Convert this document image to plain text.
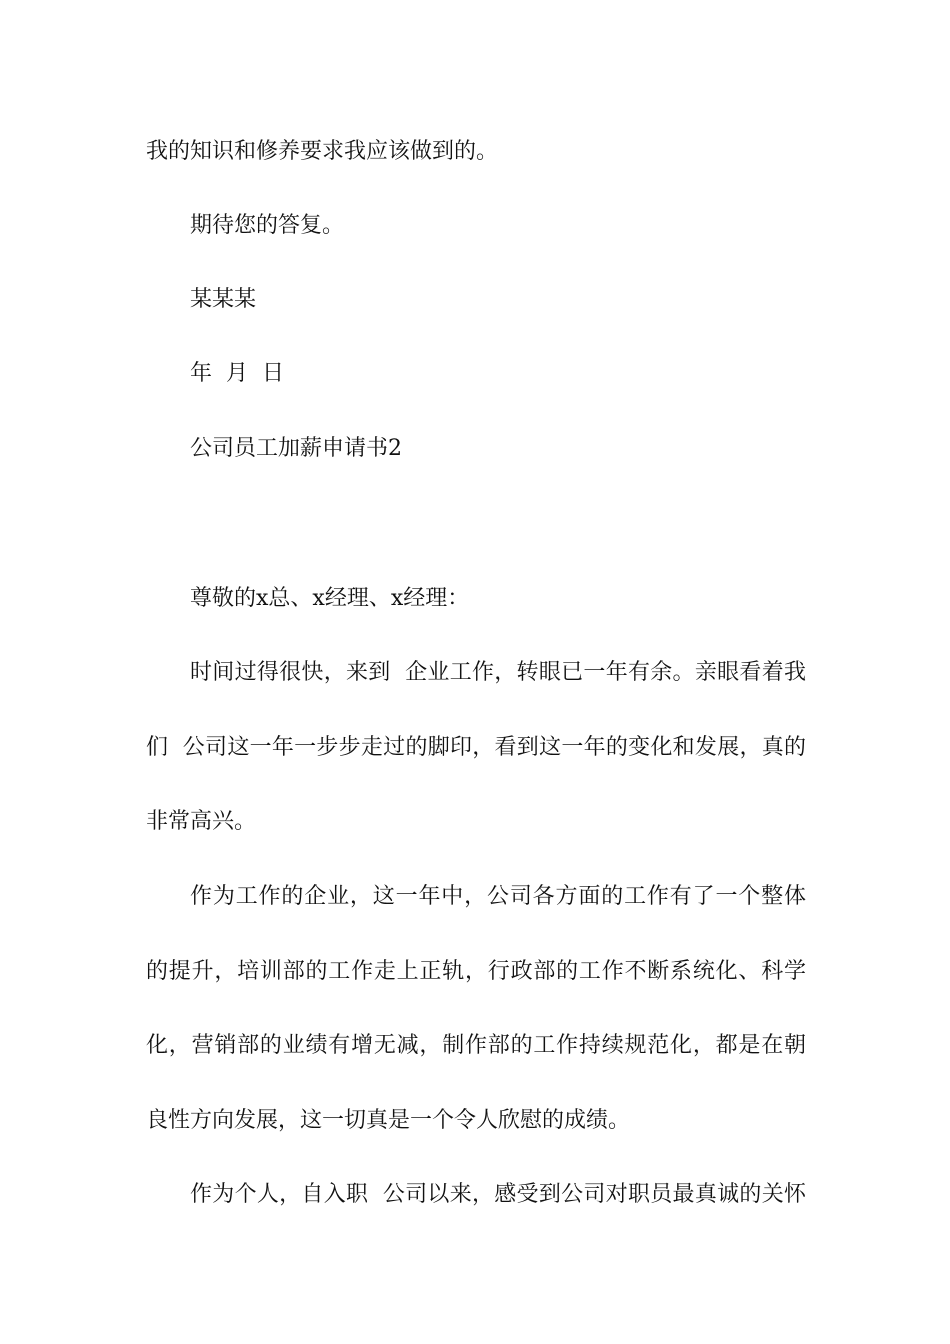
我的知识和修养要求我应该做到的。
期待您的答复。
某某某
年  月  日
公司员工加薪申请书2
尊敬的x总、x经理、x经理：
时间过得很快，来到  企业工作，转眼已一年有余。亲眼看着我
们  公司这一年一步步走过的脚印，看到这一年的变化和发展，真的
非常高兴。
作为工作的企业，这一年中，公司各方面的工作有了一个整体
的提升，培训部的工作走上正轨，行政部的工作不断系统化、科学
化，营销部的业绩有增无减，制作部的工作持续规范化，都是在朝
良性方向发展，这一切真是一个令人欣慰的成绩。
作为个人，自入职  公司以来，感受到公司对职员最真诚的关怀
